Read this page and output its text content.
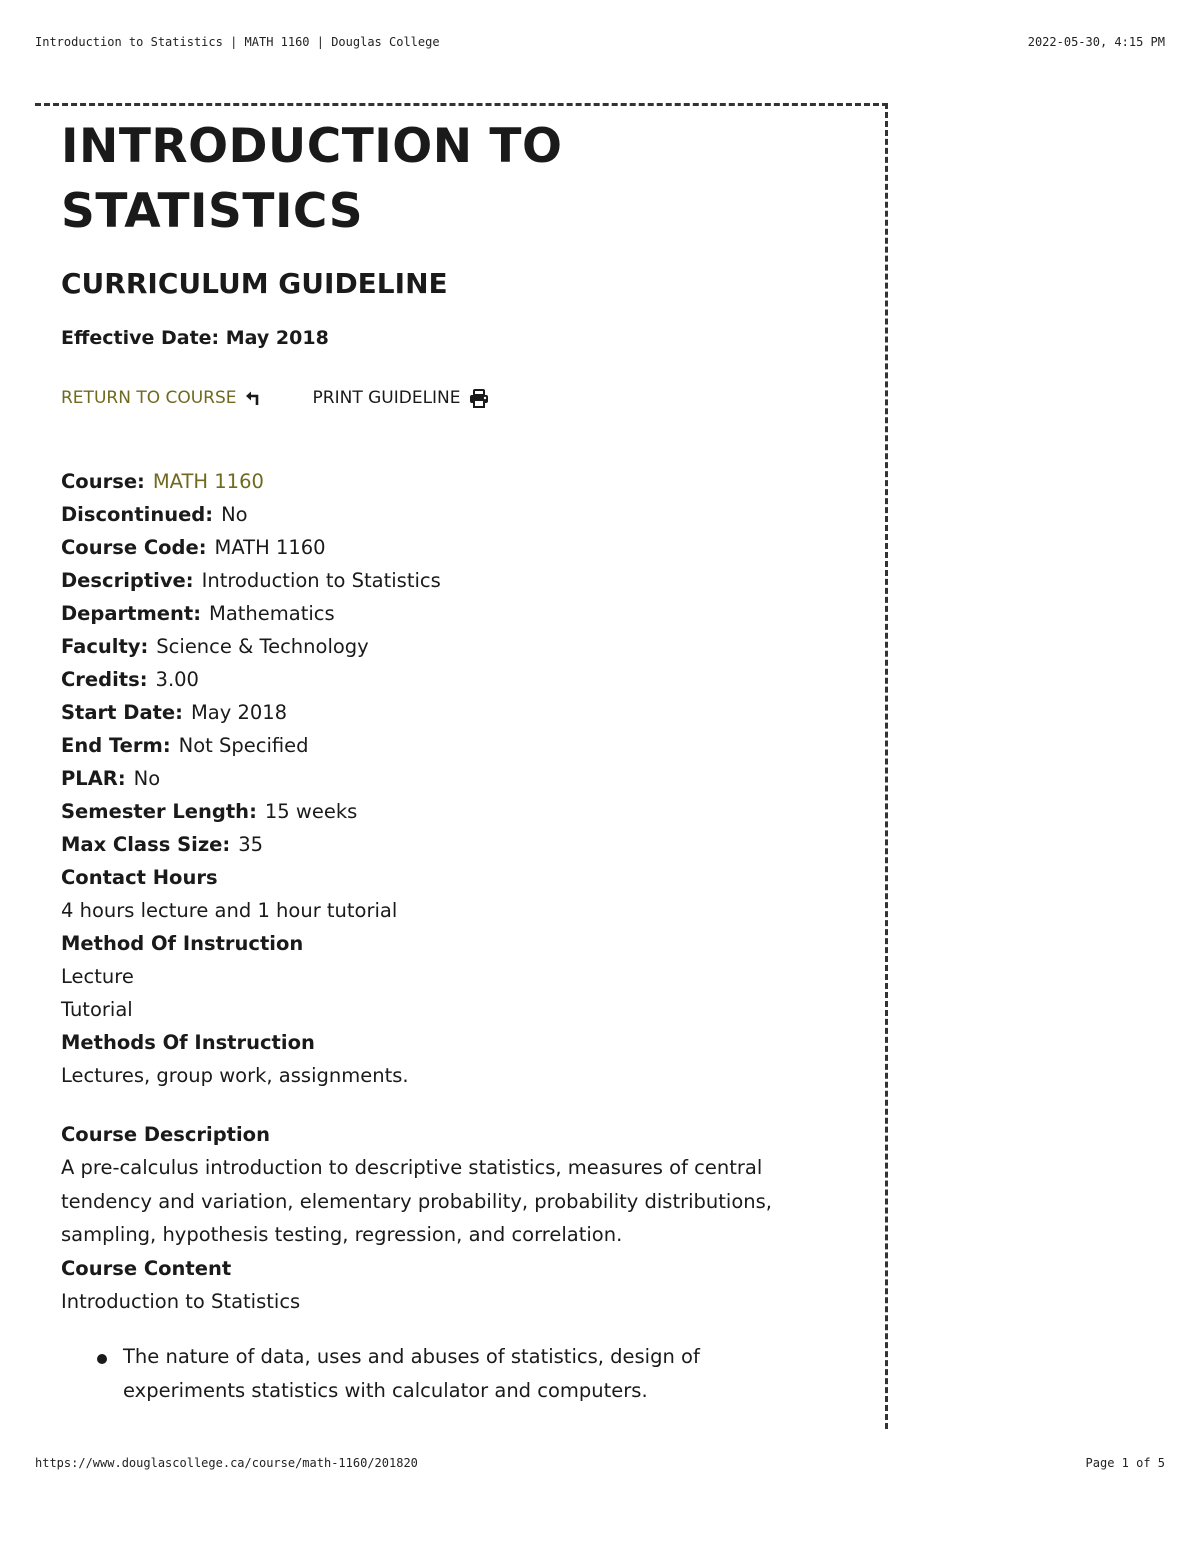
Introduction to Statistics | MATH 1160 | Douglas College	2022-05-30, 4:15 PM
INTRODUCTION TO
STATISTICS
CURRICULUM GUIDELINE
Effective Date: May 2018
RETURN TO COURSE	PRINT GUIDELINE
Course: MATH 1160
Discontinued: No
Course Code: MATH 1160
Descriptive: Introduction to Statistics
Department: Mathematics
Faculty: Science & Technology
Credits: 3.00
Start Date: May 2018
End Term: Not Specified
PLAR: No
Semester Length: 15 weeks
Max Class Size: 35
Contact Hours
4 hours lecture and 1 hour tutorial
Method Of Instruction
Lecture
Tutorial
Methods Of Instruction
Lectures, group work, assignments.
Course Description
A pre-calculus introduction to descriptive statistics, measures of central
tendency and variation, elementary probability, probability distributions,
sampling, hypothesis testing, regression, and correlation.
Course Content
Introduction to Statistics
The nature of data, uses and abuses of statistics, design of
experiments statistics with calculator and computers.
https://www.douglascollege.ca/course/math-1160/201820	Page 1 of 5
